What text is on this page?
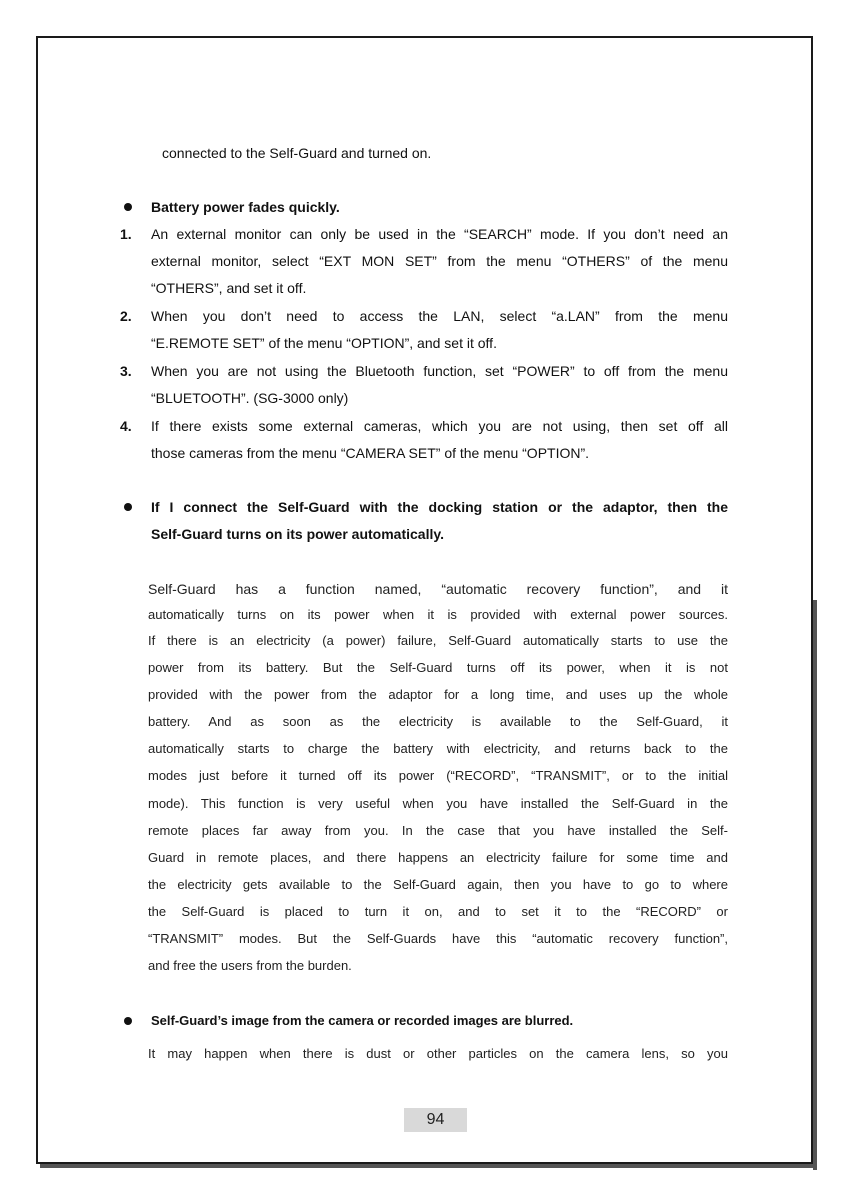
connected to the Self-Guard and turned on.
Battery power fades quickly.
1. An external monitor can only be used in the “SEARCH” mode. If you don’t need an
external monitor, select “EXT MON SET” from the menu “OTHERS” of the menu
“OTHERS”, and set it off.
2. When you don’t need to access the LAN, select “a.LAN” from the menu
“E.REMOTE SET” of the menu “OPTION”, and set it off.
3. When you are not using the Bluetooth function, set “POWER” to off from the menu
“BLUETOOTH”. (SG-3000 only)
4. If there exists some external cameras, which you are not using, then set off all
those cameras from the menu “CAMERA SET” of the menu “OPTION”.
If I connect the Self-Guard with the docking station or the adaptor, then the
Self-Guard turns on its power automatically.
Self-Guard has a function named, “automatic recovery function”, and it
automatically turns on its power when it is provided with external power sources.
If there is an electricity (a power) failure, Self-Guard automatically starts to use the
power from its battery. But the Self-Guard turns off its power, when it is not
provided with the power from the adaptor for a long time, and uses up the whole
battery. And as soon as the electricity is available to the Self-Guard, it
automatically starts to charge the battery with electricity, and returns back to the
modes just before it turned off its power (“RECORD”, “TRANSMIT”, or to the initial
mode). This function is very useful when you have installed the Self-Guard in the
remote places far away from you. In the case that you have installed the Self-
Guard in remote places, and there happens an electricity failure for some time and
the electricity gets available to the Self-Guard again, then you have to go to where
the Self-Guard is placed to turn it on, and to set it to the “RECORD” or
“TRANSMIT” modes. But the Self-Guards have this “automatic recovery function”,
and free the users from the burden.
Self-Guard’s image from the camera or recorded images are blurred.
It may happen when there is dust or other particles on the camera lens, so you
94
